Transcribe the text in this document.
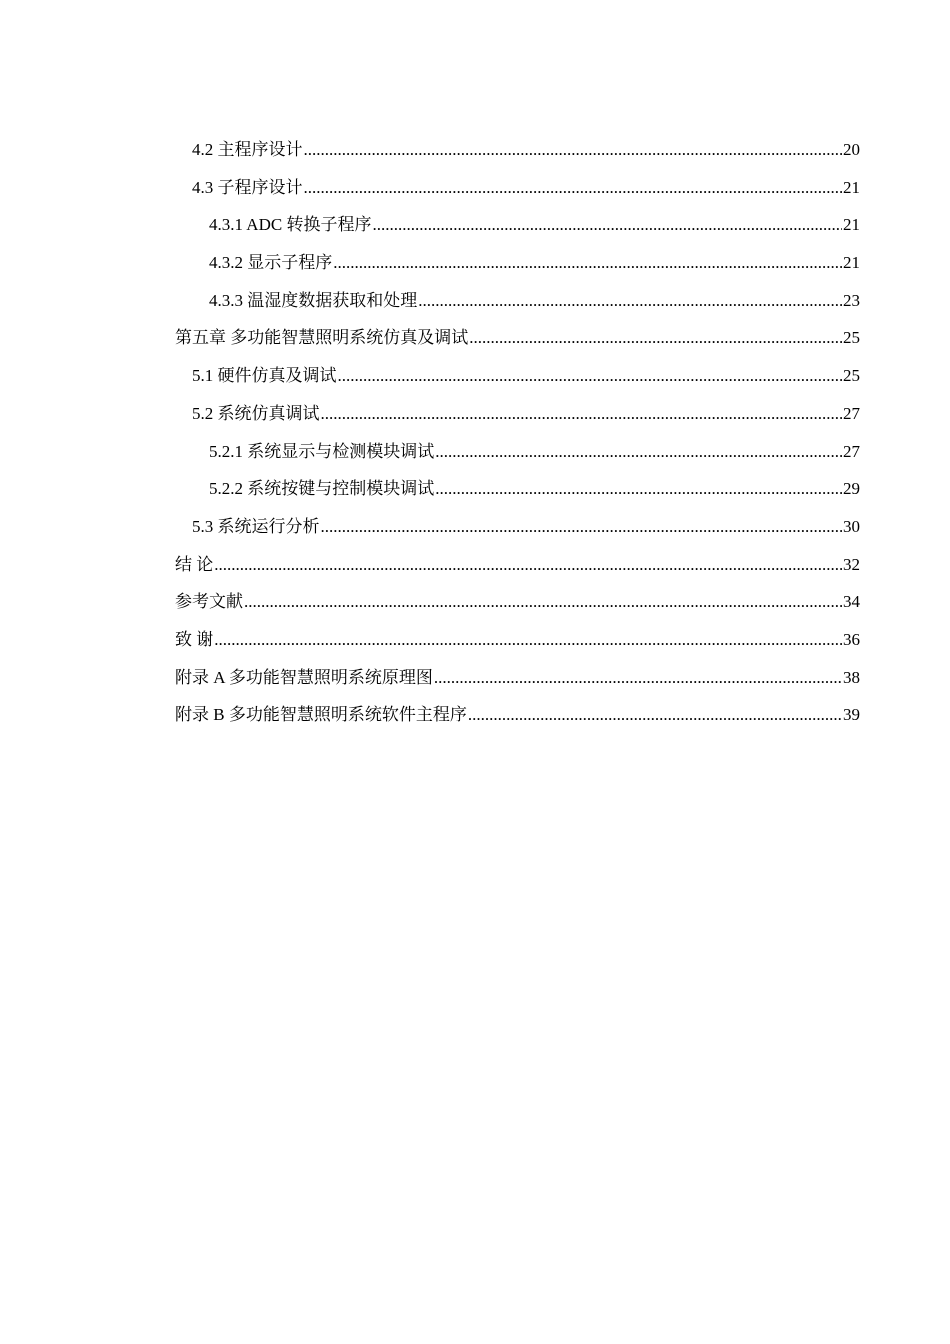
4.2 主程序设计 .....	20
4.3 子程序设计 .....	21
4.3.1 ADC 转换子程序 .....	21
4.3.2 显示子程序 .....	21
4.3.3 温湿度数据获取和处理 .....	23
第五章 多功能智慧照明系统仿真及调试 .....	25
5.1 硬件仿真及调试 .....	25
5.2 系统仿真调试 .....	27
5.2.1 系统显示与检测模块调试 .....	27
5.2.2 系统按键与控制模块调试 .....	29
5.3 系统运行分析 .....	30
结 论 .....	32
参考文献 .....	34
致 谢 .....	36
附录 A 多功能智慧照明系统原理图 .....	38
附录 B 多功能智慧照明系统软件主程序 .....	39
